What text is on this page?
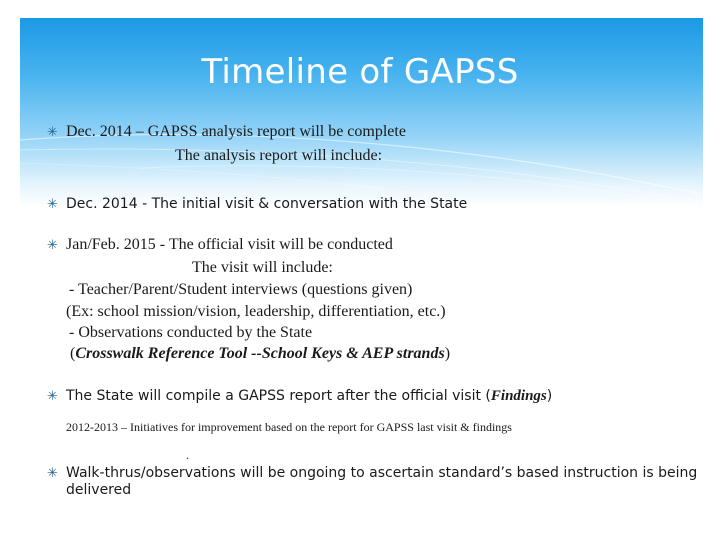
Timeline of GAPSS
✳ Dec. 2014 – GAPSS analysis report will be complete
The analysis report will include:
✳ Dec. 2014 - The initial visit & conversation with the State
✳ Jan/Feb. 2015 - The official visit will be conducted
The visit will include:
- Teacher/Parent/Student interviews (questions given)
(Ex: school mission/vision, leadership, differentiation, etc.)
- Observations conducted by the State
(Crosswalk Reference Tool --School Keys & AEP strands)
✳ The State will compile a GAPSS report after the official visit (Findings)
2012-2013 – Initiatives for improvement based on the report for GAPSS last visit & findings
.
✳ Walk-thrus/observations will be ongoing to ascertain standard’s based instruction is being
delivered
